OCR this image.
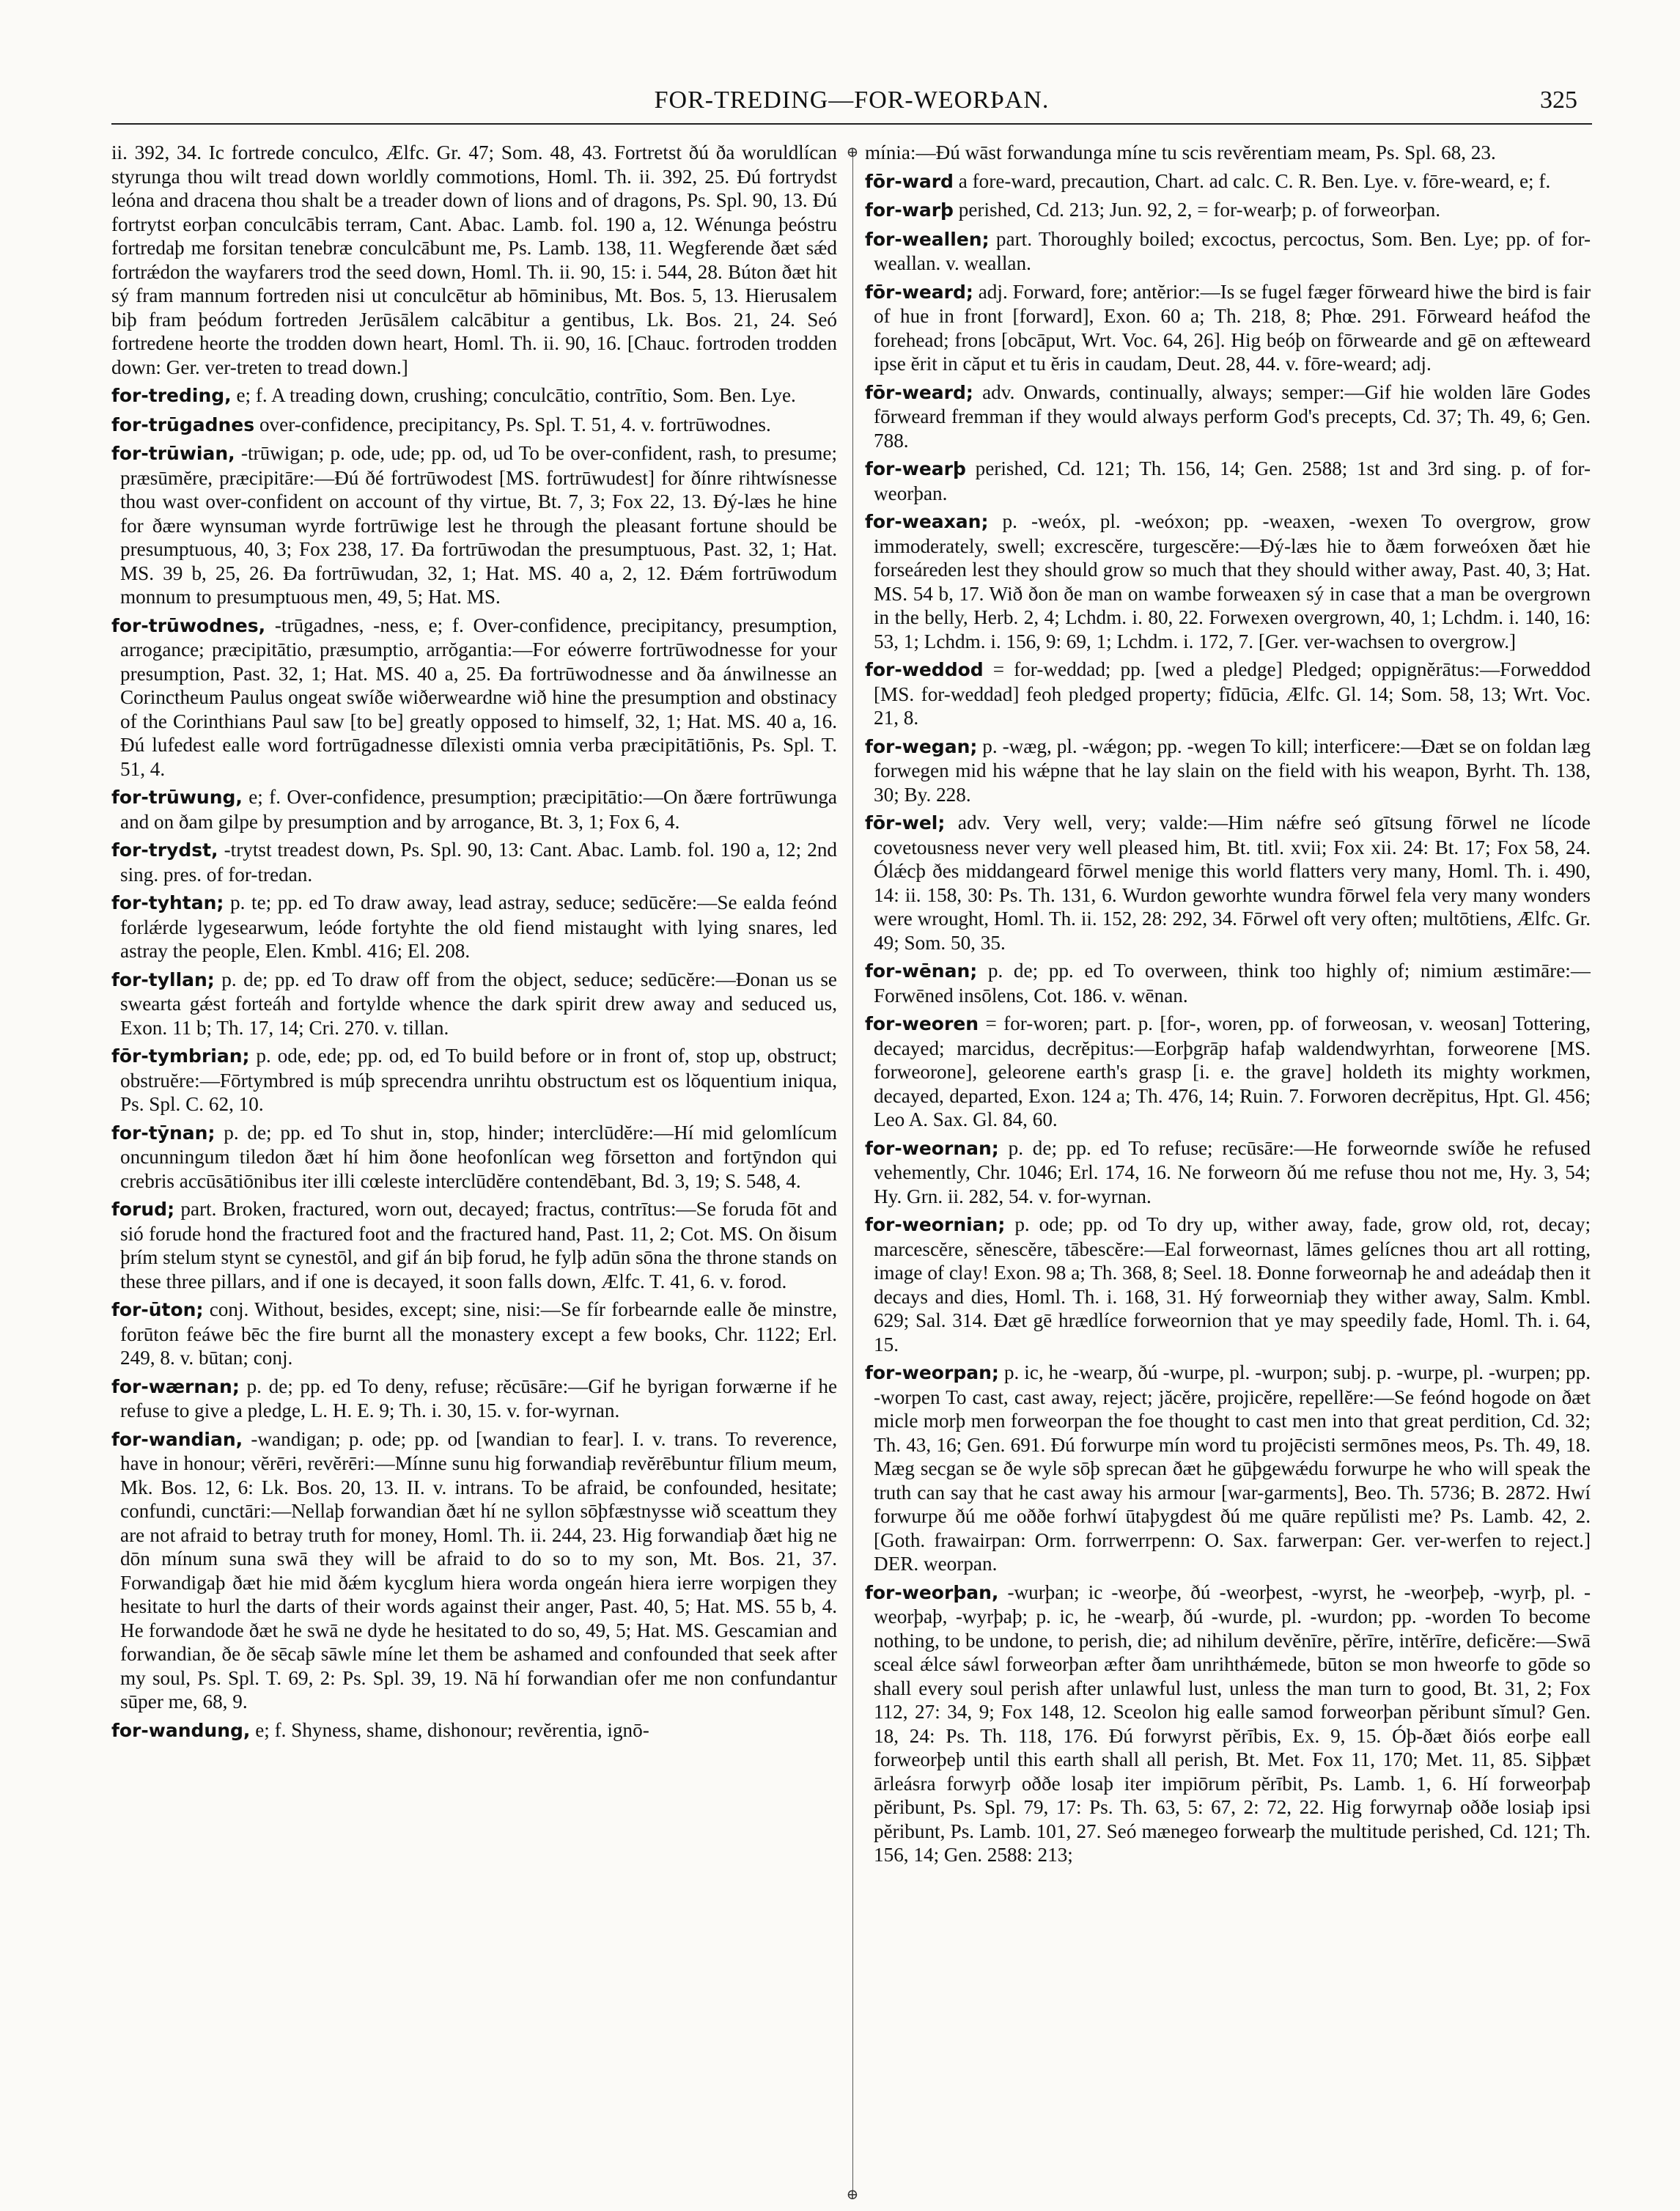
FOR-TREDING—FOR-WEORÞAN.	325

ii. 392, 34. Ic fortrede conculco, Ælfc. Gr. 47; Som. 48, 43. Fortretst ðú ða woruldlícan styrunga thou wilt tread down worldly commotions, Homl. Th. ii. 392, 25. Ðú fortrydst leóna and dracena thou shalt be a treader down of lions and of dragons, Ps. Spl. 90, 13. Ðú fortrytst eorþan conculcābis terram, Cant. Abac. Lamb. fol. 190 a, 12. Wénunga þeóstru fortredaþ me forsitan tenebræ conculcābunt me, Ps. Lamb. 138, 11. Wegferende ðæt sǽd fortrǽdon the wayfarers trod the seed down, Homl. Th. ii. 90, 15: i. 544, 28. Búton ðæt hit sý fram mannum fortreden nisi ut conculcētur ab hōminibus, Mt. Bos. 5, 13. Hierusalem biþ fram þeódum fortreden Jerūsālem calcābitur a gentibus, Lk. Bos. 21, 24. Seó fortredene heorte the trodden down heart, Homl. Th. ii. 90, 16. [Chauc. fortroden trodden down: Ger. ver-treten to tread down.]

for-treding, e; f. A treading down, crushing; conculcātio, contrītio, Som. Ben. Lye.

for-trūgadnes over-confidence, precipitancy, Ps. Spl. T. 51, 4. v. fortrūwodnes.

for-trūwian, -trūwigan; p. ode, ude; pp. od, ud To be over-confident, rash, to presume; præsūmĕre, præcipitāre:—Ðú ðé fortrūwodest [MS. fortrūwudest] for ðínre rihtwísnesse thou wast over-confident on account of thy virtue, Bt. 7, 3; Fox 22, 13. Ðý-læs he hine for ðære wynsuman wyrde fortrūwige lest he through the pleasant fortune should be presumptuous, 40, 3; Fox 238, 17. Ða fortrūwodan the presumptuous, Past. 32, 1; Hat. MS. 39 b, 25, 26. Ða fortrūwudan, 32, 1; Hat. MS. 40 a, 2, 12. Ðǽm fortrūwodum monnum to presumptuous men, 49, 5; Hat. MS.

for-trūwodnes, -trūgadnes, -ness, e; f. Over-confidence, precipitancy, presumption, arrogance; præcipitātio, præsumptio, arrŏgantia:—For eówerre fortrūwodnesse for your presumption, Past. 32, 1; Hat. MS. 40 a, 25. Ða fortrūwodnesse and ða ánwilnesse an Corinctheum Paulus ongeat swíðe wiðerweardne wið hine the presumption and obstinacy of the Corinthians Paul saw [to be] greatly opposed to himself, 32, 1; Hat. MS. 40 a, 16. Ðú lufedest ealle word fortrūgadnesse dīlexisti omnia verba præcipitātiōnis, Ps. Spl. T. 51, 4.

for-trūwung, e; f. Over-confidence, presumption; præcipitātio:—On ðære fortrūwunga and on ðam gilpe by presumption and by arrogance, Bt. 3, 1; Fox 6, 4.

for-trydst, -trytst treadest down, Ps. Spl. 90, 13: Cant. Abac. Lamb. fol. 190 a, 12; 2nd sing. pres. of for-tredan.

for-tyhtan; p. te; pp. ed To draw away, lead astray, seduce; sedūcĕre:—Se ealda feónd forlǽrde lygesearwum, leóde fortyhte the old fiend mistaught with lying snares, led astray the people, Elen. Kmbl. 416; El. 208.

for-tyllan; p. de; pp. ed To draw off from the object, seduce; sedūcĕre:—Ðonan us se swearta gǽst forteáh and fortylde whence the dark spirit drew away and seduced us, Exon. 11 b; Th. 17, 14; Cri. 270. v. tillan.

fōr-tymbrian; p. ode, ede; pp. od, ed To build before or in front of, stop up, obstruct; obstruĕre:—Fōrtymbred is múþ sprecendra unrihtu obstructum est os lŏquentium iniqua, Ps. Spl. C. 62, 10.

for-tȳnan; p. de; pp. ed To shut in, stop, hinder; interclūdĕre:—Hí mid gelomlícum oncunningum tiledon ðæt hí him ðone heofonlícan weg fōrsetton and fortȳndon qui crebris accūsātiōnibus iter illi cœleste interclūdĕre contendēbant, Bd. 3, 19; S. 548, 4.

forud; part. Broken, fractured, worn out, decayed; fractus, contrītus:—Se foruda fōt and sió forude hond the fractured foot and the fractured hand, Past. 11, 2; Cot. MS. On ðisum þrím stelum stynt se cynestōl, and gif án biþ forud, he fylþ adūn sōna the throne stands on these three pillars, and if one is decayed, it soon falls down, Ælfc. T. 41, 6. v. forod.

for-ūton; conj. Without, besides, except; sine, nisi:—Se fír forbearnde ealle ðe minstre, forūton feáwe bēc the fire burnt all the monastery except a few books, Chr. 1122; Erl. 249, 8. v. būtan; conj.

for-wærnan; p. de; pp. ed To deny, refuse; rĕcūsāre:—Gif he byrigan forwærne if he refuse to give a pledge, L. H. E. 9; Th. i. 30, 15. v. for-wyrnan.

for-wandian, -wandigan; p. ode; pp. od [wandian to fear]. I. v. trans. To reverence, have in honour; vĕrēri, revĕrēri:—Mínne sunu hig forwandiaþ revĕrēbuntur fīlium meum, Mk. Bos. 12, 6: Lk. Bos. 20, 13. II. v. intrans. To be afraid, be confounded, hesitate; confundi, cunctāri:—Nellaþ forwandian ðæt hí ne syllon sōþfæstnysse wið sceattum they are not afraid to betray truth for money, Homl. Th. ii. 244, 23. Hig forwandiaþ ðæt hig ne dōn mínum suna swā they will be afraid to do so to my son, Mt. Bos. 21, 37. Forwandigaþ ðæt hie mid ðǽm kycglum hiera worda ongeán hiera ierre worpigen they hesitate to hurl the darts of their words against their anger, Past. 40, 5; Hat. MS. 55 b, 4. He forwandode ðæt he swā ne dyde he hesitated to do so, 49, 5; Hat. MS. Gescamian and forwandian, ðe ðe sēcaþ sāwle míne let them be ashamed and confounded that seek after my soul, Ps. Spl. T. 69, 2: Ps. Spl. 39, 19. Nā hí forwandian ofer me non confundantur sūper me, 68, 9.

for-wandung, e; f. Shyness, shame, dishonour; revĕrentia, ignō-

⊕
⊕

mínia:—Ðú wāst forwandunga míne tu scis revĕrentiam meam, Ps. Spl. 68, 23.

fōr-ward a fore-ward, precaution, Chart. ad calc. C. R. Ben. Lye. v. fōre-weard, e; f.

for-warþ perished, Cd. 213; Jun. 92, 2, = for-wearþ; p. of forweorþan.

for-weallen; part. Thoroughly boiled; excoctus, percoctus, Som. Ben. Lye; pp. of for-weallan. v. weallan.

fōr-weard; adj. Forward, fore; antĕrior:—Is se fugel fæger fōrweard hiwe the bird is fair of hue in front [forward], Exon. 60 a; Th. 218, 8; Phœ. 291. Fōrweard heáfod the forehead; frons [obcāput, Wrt. Voc. 64, 26]. Hig beóþ on fōrwearde and gē on æfteweard ipse ĕrit in căput et tu ĕris in caudam, Deut. 28, 44. v. fōre-weard; adj.

fōr-weard; adv. Onwards, continually, always; semper:—Gif hie wolden lāre Godes fōrweard fremman if they would always perform God's precepts, Cd. 37; Th. 49, 6; Gen. 788.

for-wearþ perished, Cd. 121; Th. 156, 14; Gen. 2588; 1st and 3rd sing. p. of for-weorþan.

for-weaxan; p. -weóx, pl. -weóxon; pp. -weaxen, -wexen To overgrow, grow immoderately, swell; excrescĕre, turgescĕre:—Ðý-læs hie to ðæm forweóxen ðæt hie forseáreden lest they should grow so much that they should wither away, Past. 40, 3; Hat. MS. 54 b, 17. Wið ðon ðe man on wambe forweaxen sý in case that a man be overgrown in the belly, Herb. 2, 4; Lchdm. i. 80, 22. Forwexen overgrown, 40, 1; Lchdm. i. 140, 16: 53, 1; Lchdm. i. 156, 9: 69, 1; Lchdm. i. 172, 7. [Ger. ver-wachsen to overgrow.]

for-weddod = for-weddad; pp. [wed a pledge] Pledged; oppignĕrātus:—Forweddod [MS. for-weddad] feoh pledged property; fīdūcia, Ælfc. Gl. 14; Som. 58, 13; Wrt. Voc. 21, 8.

for-wegan; p. -wæg, pl. -wǽgon; pp. -wegen To kill; interficere:—Ðæt se on foldan læg forwegen mid his wǽpne that he lay slain on the field with his weapon, Byrht. Th. 138, 30; By. 228.

fōr-wel; adv. Very well, very; valde:—Him nǽfre seó gītsung fōrwel ne lícode covetousness never very well pleased him, Bt. titl. xvii; Fox xii. 24: Bt. 17; Fox 58, 24. Ólǽcþ ðes middangeard fōrwel menige this world flatters very many, Homl. Th. i. 490, 14: ii. 158, 30: Ps. Th. 131, 6. Wurdon geworhte wundra fōrwel fela very many wonders were wrought, Homl. Th. ii. 152, 28: 292, 34. Fōrwel oft very often; multōtiens, Ælfc. Gr. 49; Som. 50, 35.

for-wēnan; p. de; pp. ed To overween, think too highly of; nimium æstimāre:—Forwēned insōlens, Cot. 186. v. wēnan.

for-weoren = for-woren; part. p. [for-, woren, pp. of forweosan, v. weosan] Tottering, decayed; marcidus, decrĕpitus:—Eorþgrāp hafaþ waldendwyrhtan, forweorene [MS. forweorone], geleorene earth's grasp [i. e. the grave] holdeth its mighty workmen, decayed, departed, Exon. 124 a; Th. 476, 14; Ruin. 7. Forworen decrĕpitus, Hpt. Gl. 456; Leo A. Sax. Gl. 84, 60.

for-weornan; p. de; pp. ed To refuse; recūsāre:—He forweornde swíðe he refused vehemently, Chr. 1046; Erl. 174, 16. Ne forweorn ðú me refuse thou not me, Hy. 3, 54; Hy. Grn. ii. 282, 54. v. for-wyrnan.

for-weornian; p. ode; pp. od To dry up, wither away, fade, grow old, rot, decay; marcescĕre, sĕnescĕre, tābescĕre:—Eal forweornast, lāmes gelícnes thou art all rotting, image of clay! Exon. 98 a; Th. 368, 8; Seel. 18. Ðonne forweornaþ he and adeádaþ then it decays and dies, Homl. Th. i. 168, 31. Hý forweorniaþ they wither away, Salm. Kmbl. 629; Sal. 314. Ðæt gē hrædlíce forweornion that ye may speedily fade, Homl. Th. i. 64, 15.

for-weorpan; p. ic, he -wearp, ðú -wurpe, pl. -wurpon; subj. p. -wurpe, pl. -wurpen; pp. -worpen To cast, cast away, reject; jăcĕre, projicĕre, repellĕre:—Se feónd hogode on ðæt micle morþ men forweorpan the foe thought to cast men into that great perdition, Cd. 32; Th. 43, 16; Gen. 691. Ðú forwurpe mín word tu projēcisti sermōnes meos, Ps. Th. 49, 18. Mæg secgan se ðe wyle sōþ sprecan ðæt he gūþgewǽdu forwurpe he who will speak the truth can say that he cast away his armour [war-garments], Beo. Th. 5736; B. 2872. Hwí forwurpe ðú me oððe forhwí ūtaþygdest ðú me quāre repŭlisti me? Ps. Lamb. 42, 2. [Goth. frawairpan: Orm. forrwerrpenn: O. Sax. farwerpan: Ger. ver-werfen to reject.] DER. weorpan.

for-weorþan, -wurþan; ic -weorþe, ðú -weorþest, -wyrst, he -weorþeþ, -wyrþ, pl. -weorþaþ, -wyrþaþ; p. ic, he -wearþ, ðú -wurde, pl. -wurdon; pp. -worden To become nothing, to be undone, to perish, die; ad nihilum devĕnīre, pĕrīre, intĕrīre, deficĕre:—Swā sceal ǽlce sáwl forweorþan æfter ðam unrihthǽmede, būton se mon hweorfe to gōde so shall every soul perish after unlawful lust, unless the man turn to good, Bt. 31, 2; Fox 112, 27: 34, 9; Fox 148, 12. Sceolon hig ealle samod forweorþan pĕribunt sĭmul? Gen. 18, 24: Ps. Th. 118, 176. Ðú forwyrst pĕrībis, Ex. 9, 15. Óþ-ðæt ðiós eorþe eall forweorþeþ until this earth shall all perish, Bt. Met. Fox 11, 170; Met. 11, 85. Siþþæt ārleásra forwyrþ oððe losaþ iter impiōrum pĕrībit, Ps. Lamb. 1, 6. Hí forweorþaþ pĕribunt, Ps. Spl. 79, 17: Ps. Th. 63, 5: 67, 2: 72, 22. Hig forwyrnaþ oððe losiaþ ipsi pĕribunt, Ps. Lamb. 101, 27. Seó mænegeo forwearþ the multitude perished, Cd. 121; Th. 156, 14; Gen. 2588: 213;
